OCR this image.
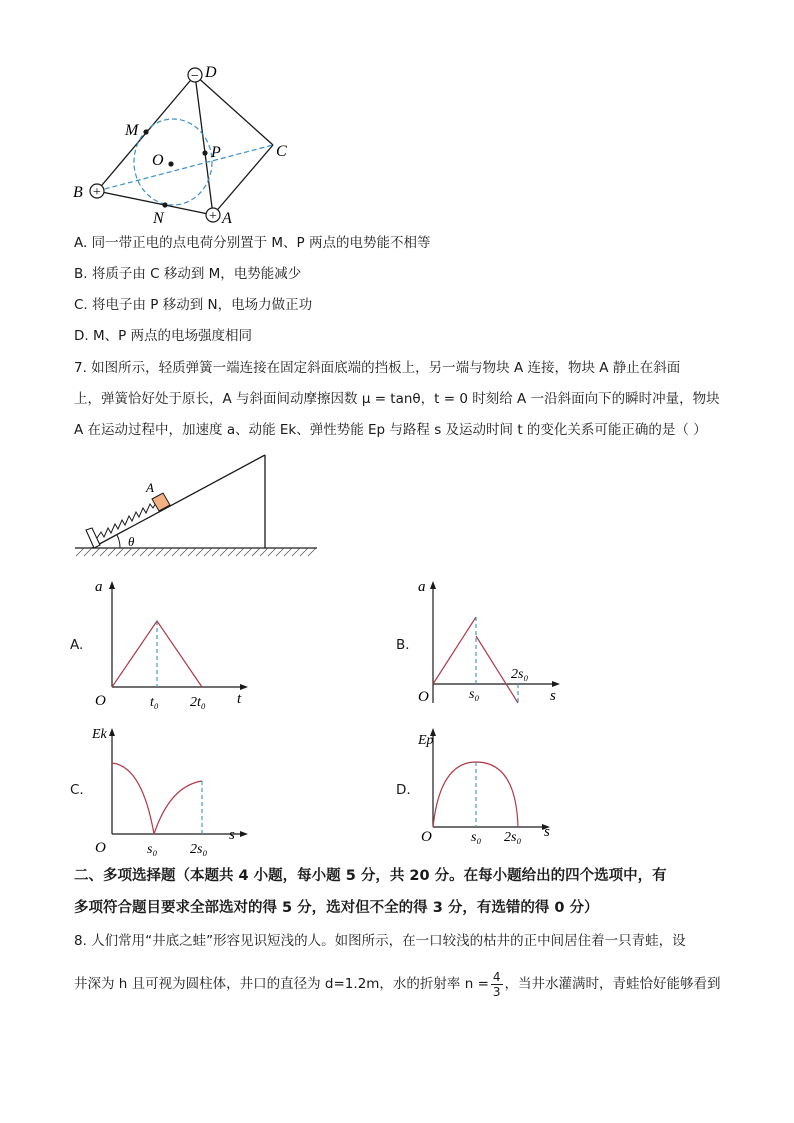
−
+
+
D
M
O	P	C
B
N	A
A. 同一带正电的点电荷分别置于 M、P 两点的电势能不相等
B. 将质子由 C 移动到 M，电势能减少
C. 将电子由 P 移动到 N，电场力做正功
D. M、P 两点的电场强度相同
7. 如图所示，轻质弹簧一端连接在固定斜面底端的挡板上，另一端与物块 A 连接，物块 A 静止在斜面
上，弹簧恰好处于原长，A 与斜面间动摩擦因数 μ = tanθ，t = 0 时刻给 A 一沿斜面向下的瞬时冲量，物块
A 在运动过程中，加速度 a、动能 Ek、弹性势能 Ep 与路程 s 及运动时间 t 的变化关系可能正确的是（ ）
A
θ
A.
a
O	t₀ 2t₀ t
B.
a
O	s₀
2s₀
s
C.
Ek
O	s₀ 2s₀
s
D.
Ep
O	s₀ 2s₀ s
二、多项选择题（本题共 4 小题，每小题 5 分，共 20 分。在每小题给出的四个选项中，有
多项符合题目要求全部选对的得 5 分，选对但不全的得 3 分，有选错的得 0 分）
8. 人们常用“井底之蛙”形容见识短浅的人。如图所示，在一口较浅的枯井的正中间居住着一只青蛙，设
井深为 h 且可视为圆柱体，井口的直径为 d=1.2m，水的折射率 $n = \frac{4}{3}$ ，当井水灌满时，青蛙恰好能够看到
